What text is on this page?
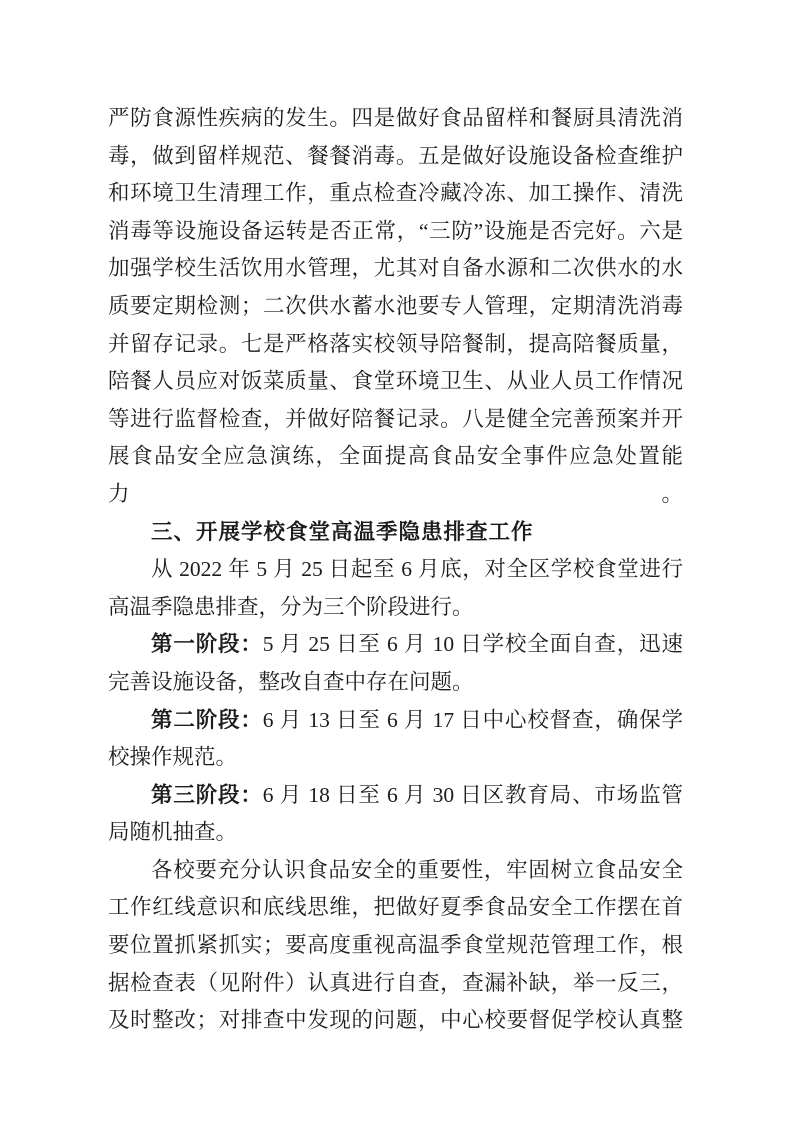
严防食源性疾病的发生。四是做好食品留样和餐厨具清洗消
毒，做到留样规范、餐餐消毒。五是做好设施设备检查维护
和环境卫生清理工作，重点检查冷藏冷冻、加工操作、清洗
消毒等设施设备运转是否正常，“三防”设施是否完好。六是
加强学校生活饮用水管理，尤其对自备水源和二次供水的水
质要定期检测；二次供水蓄水池要专人管理，定期清洗消毒
并留存记录。七是严格落实校领导陪餐制，提高陪餐质量，
陪餐人员应对饭菜质量、食堂环境卫生、从业人员工作情况
等进行监督检查，并做好陪餐记录。八是健全完善预案并开
展食品安全应急演练，全面提高食品安全事件应急处置能力。
三、开展学校食堂高温季隐患排查工作
从 2022 年 5 月 25 日起至 6 月底，对全区学校食堂进行
高温季隐患排查，分为三个阶段进行。
第一阶段：5 月 25 日至 6 月 10 日学校全面自查，迅速
完善设施设备，整改自查中存在问题。
第二阶段：6 月 13 日至 6 月 17 日中心校督查，确保学
校操作规范。
第三阶段：6 月 18 日至 6 月 30 日区教育局、市场监管
局随机抽查。
各校要充分认识食品安全的重要性，牢固树立食品安全
工作红线意识和底线思维，把做好夏季食品安全工作摆在首
要位置抓紧抓实；要高度重视高温季食堂规范管理工作，根
据检查表（见附件）认真进行自查，查漏补缺，举一反三，
及时整改；对排查中发现的问题，中心校要督促学校认真整
